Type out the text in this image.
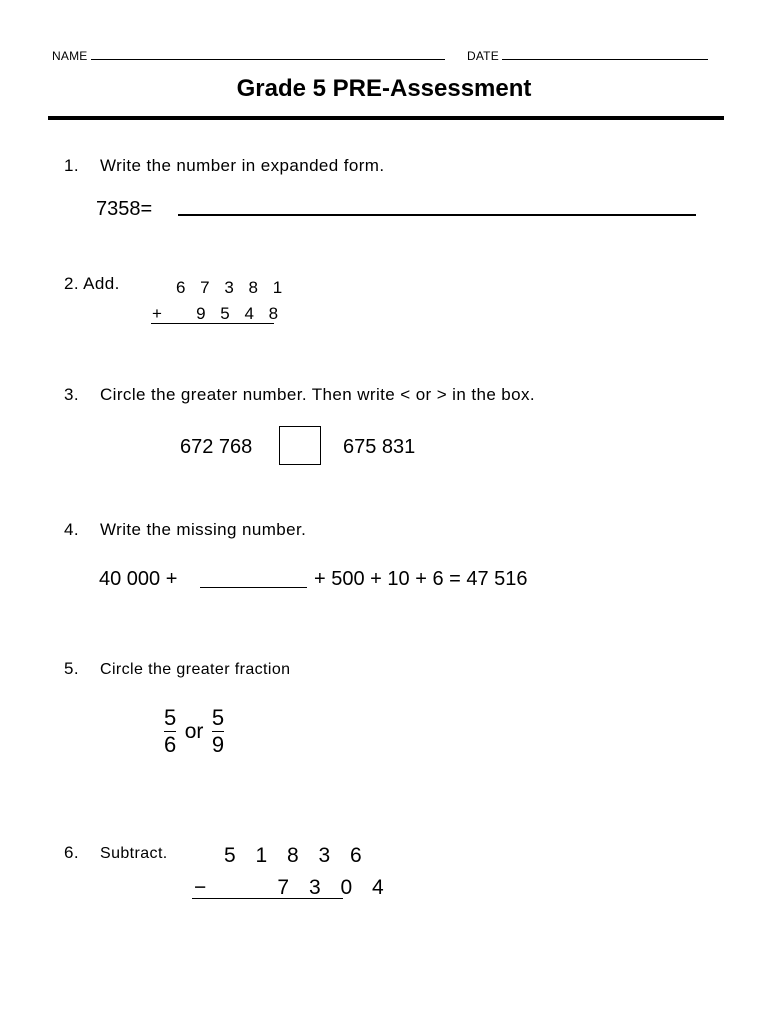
NAME	DATE
Grade 5 PRE-Assessment
1. Write the number in expanded form.
7358=
2. Add.	6 7 3 8 1
+   9 5 4 8
3. Circle the greater number. Then write < or > in the box.
672 768	675 831
4. Write the missing number.
40 000 +	+ 500 + 10 + 6 = 47 516
5. Circle the greater fraction
$\frac{5}{6}$ or $\frac{5}{9}$
6. Subtract.	5 1 8 3 6
−     7 3 0 4
